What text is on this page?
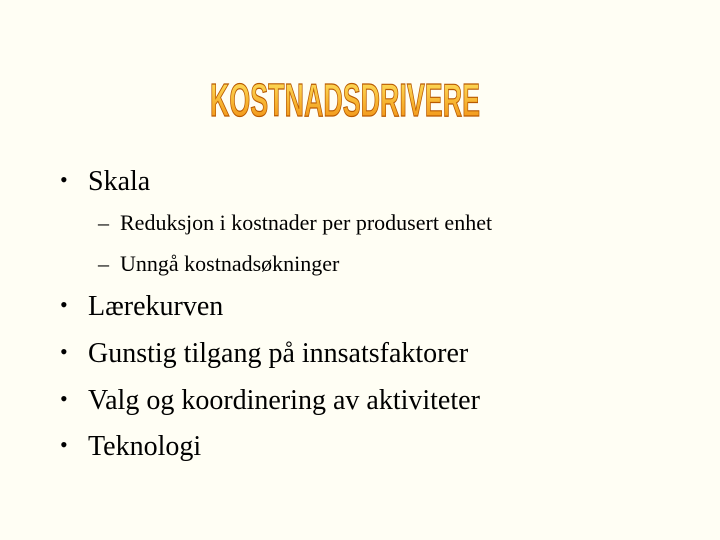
KOSTNADSDRIVERE
• Skala
– Reduksjon i kostnader per produsert enhet
– Unngå kostnadsøkninger
• Lærekurven
• Gunstig tilgang på innsatsfaktorer
• Valg og koordinering av aktiviteter
• Teknologi
